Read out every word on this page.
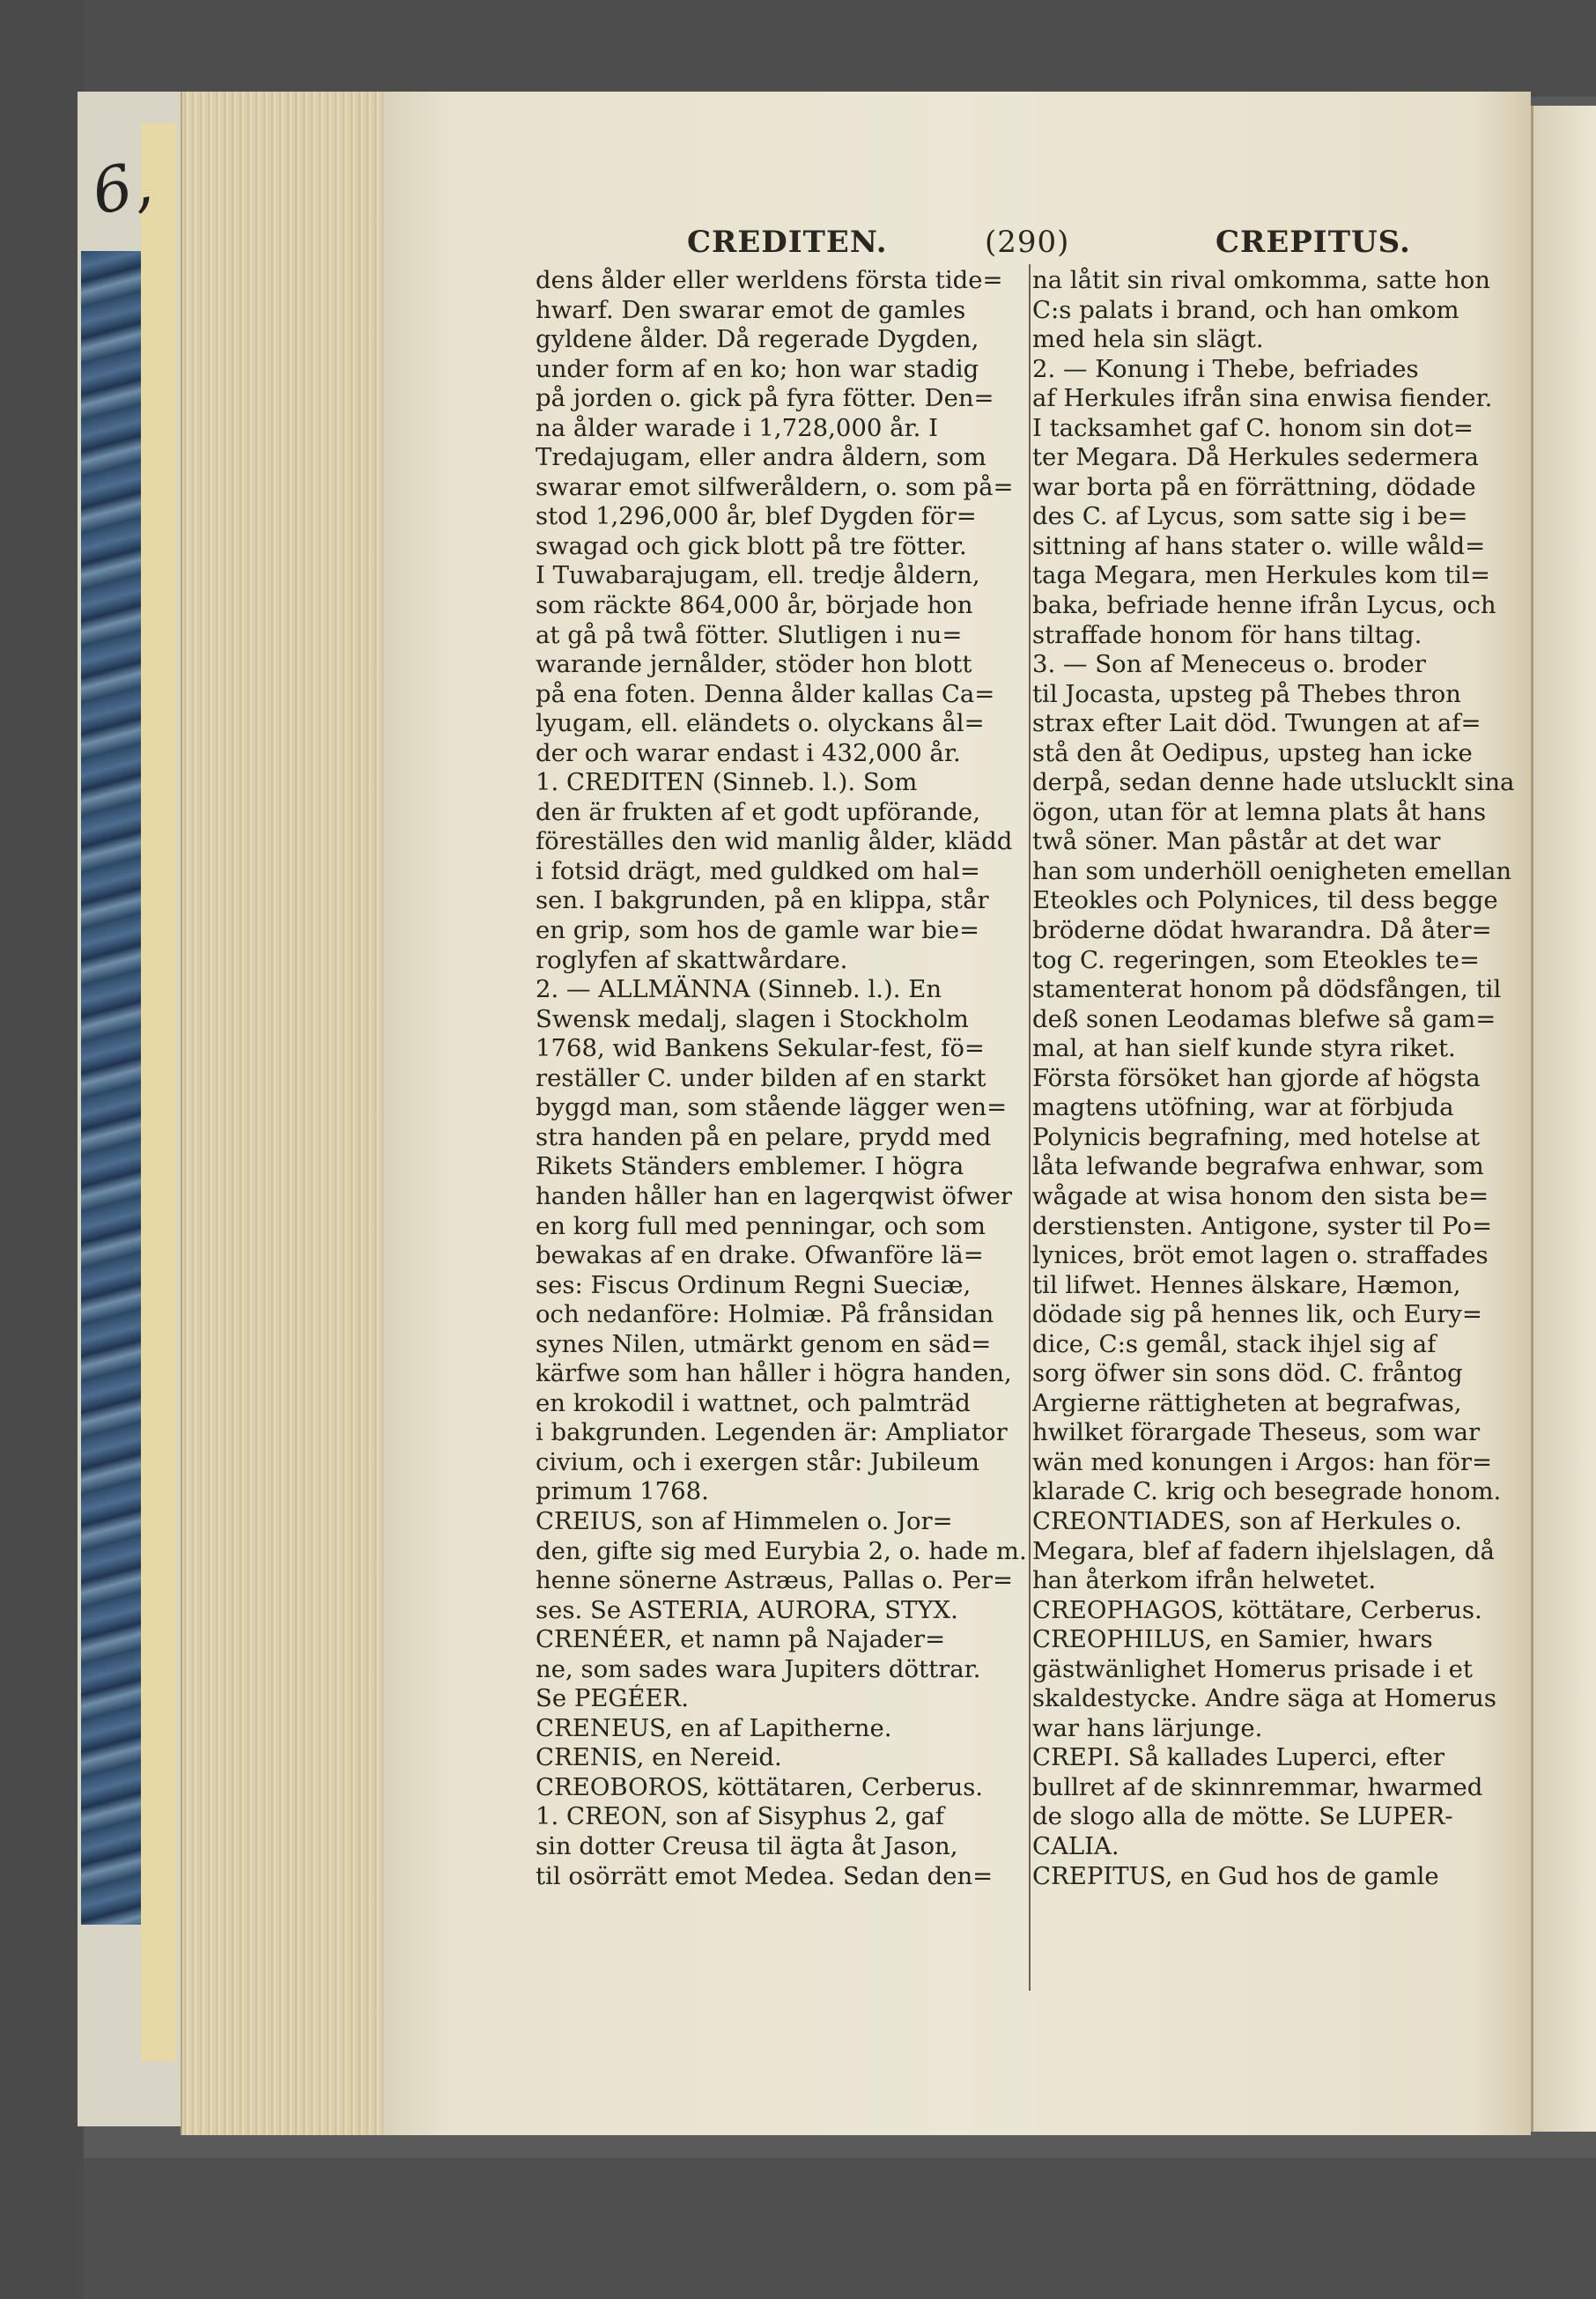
6,
CREDITEN.	(290)	CREPITUS.
dens ålder eller werldens första tide=
hwarf. Den swarar emot de gamles
gyldene ålder. Då regerade Dygden,
under form af en ko; hon war stadig
på jorden o. gick på fyra fötter. Den=
na ålder warade i 1,728,000 år. I
Tredajugam, eller andra åldern, som
swarar emot silfweråldern, o. som på=
stod 1,296,000 år, blef Dygden för=
swagad och gick blott på tre fötter.
I Tuwabarajugam, ell. tredje åldern,
som räckte 864,000 år, började hon
at gå på twå fötter. Slutligen i nu=
warande jernålder, stöder hon blott
på ena foten. Denna ålder kallas Ca=
lyugam, ell. eländets o. olyckans ål=
der och warar endast i 432,000 år.
1. CREDITEN (Sinneb. l.). Som
den är frukten af et godt upförande,
föreställes den wid manlig ålder, klädd
i fotsid drägt, med guldked om hal=
sen. I bakgrunden, på en klippa, står
en grip, som hos de gamle war bie=
roglyfen af skattwårdare.
2. — ALLMÄNNA (Sinneb. l.). En
Swensk medalj, slagen i Stockholm
1768, wid Bankens Sekular-fest, fö=
reställer C. under bilden af en starkt
byggd man, som stående lägger wen=
stra handen på en pelare, prydd med
Rikets Ständers emblemer. I högra
handen håller han en lagerqwist öfwer
en korg full med penningar, och som
bewakas af en drake. Ofwanföre lä=
ses: Fiscus Ordinum Regni Sueciæ,
och nedanföre: Holmiæ. På frånsidan
synes Nilen, utmärkt genom en säd=
kärfwe som han håller i högra handen,
en krokodil i wattnet, och palmträd
i bakgrunden. Legenden är: Ampliator
civium, och i exergen står: Jubileum
primum 1768.
CREIUS, son af Himmelen o. Jor=
den, gifte sig med Eurybia 2, o. hade m.
henne sönerne Astræus, Pallas o. Per=
ses. Se ASTERIA, AURORA, STYX.
CRENÉER, et namn på Najader=
ne, som sades wara Jupiters döttrar.
Se PEGÉER.
CRENEUS, en af Lapitherne.
CRENIS, en Nereid.
CREOBOROS, köttätaren, Cerberus.
1. CREON, son af Sisyphus 2, gaf
sin dotter Creusa til ägta åt Jason,
til osörrätt emot Medea. Sedan den=
na låtit sin rival omkomma, satte hon
C:s palats i brand, och han omkom
med hela sin slägt.
2. — Konung i Thebe, befriades
af Herkules ifrån sina enwisa fiender.
I tacksamhet gaf C. honom sin dot=
ter Megara. Då Herkules sedermera
war borta på en förrättning, dödade
des C. af Lycus, som satte sig i be=
sittning af hans stater o. wille wåld=
taga Megara, men Herkules kom til=
baka, befriade henne ifrån Lycus, och
straffade honom för hans tiltag.
3. — Son af Meneceus o. broder
til Jocasta, upsteg på Thebes thron
strax efter Lait död. Twungen at af=
stå den åt Oedipus, upsteg han icke
derpå, sedan denne hade utslucklt sina
ögon, utan för at lemna plats åt hans
twå söner. Man påstår at det war
han som underhöll oenigheten emellan
Eteokles och Polynices, til dess begge
bröderne dödat hwarandra. Då åter=
tog C. regeringen, som Eteokles te=
stamenterat honom på dödsfången, til
deß sonen Leodamas blefwe så gam=
mal, at han sielf kunde styra riket.
Första försöket han gjorde af högsta
magtens utöfning, war at förbjuda
Polynicis begrafning, med hotelse at
låta lefwande begrafwa enhwar, som
wågade at wisa honom den sista be=
derstiensten. Antigone, syster til Po=
lynices, bröt emot lagen o. straffades
til lifwet. Hennes älskare, Hæmon,
dödade sig på hennes lik, och Eury=
dice, C:s gemål, stack ihjel sig af
sorg öfwer sin sons död. C. fråntog
Argierne rättigheten at begrafwas,
hwilket förargade Theseus, som war
wän med konungen i Argos: han för=
klarade C. krig och besegrade honom.
CREONTIADES, son af Herkules o.
Megara, blef af fadern ihjelslagen, då
han återkom ifrån helwetet.
CREOPHAGOS, köttätare, Cerberus.
CREOPHILUS, en Samier, hwars
gästwänlighet Homerus prisade i et
skaldestycke. Andre säga at Homerus
war hans lärjunge.
CREPI. Så kallades Luperci, efter
bullret af de skinnremmar, hwarmed
de slogo alla de mötte. Se LUPER-
CALIA.
CREPITUS, en Gud hos de gamle
